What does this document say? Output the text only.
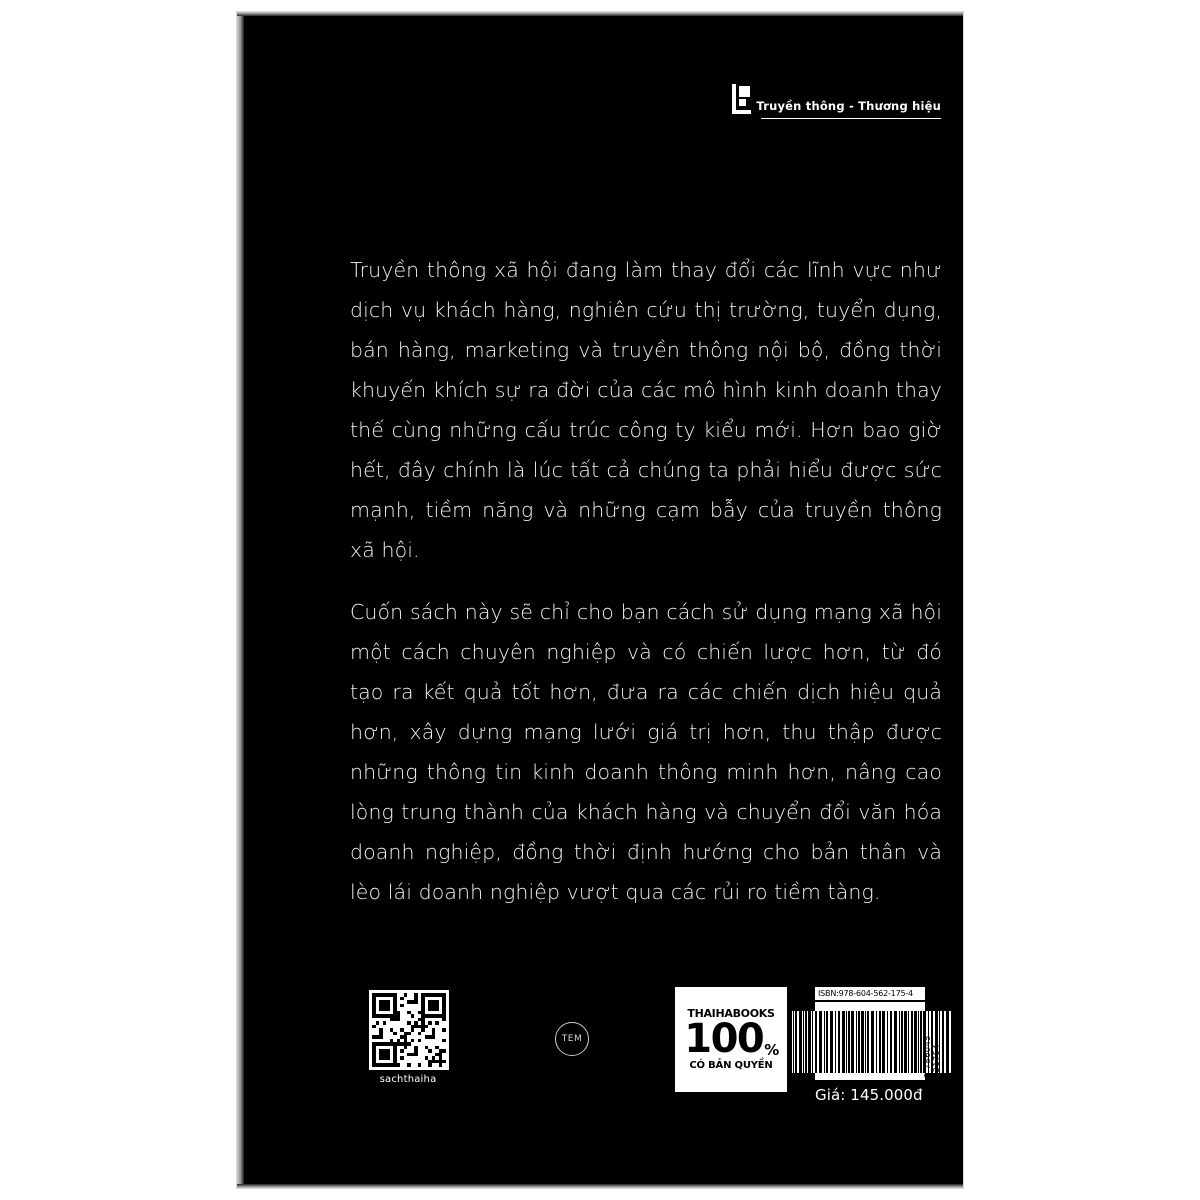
Truyền thông - Thương hiệu

Truyền thông xã hội đang làm thay đổi các lĩnh vực như dịch vụ khách hàng, nghiên cứu thị trường, tuyển dụng, bán hàng, marketing và truyền thông nội bộ, đồng thời khuyến khích sự ra đời của các mô hình kinh doanh thay thế cùng những cấu trúc công ty kiểu mới. Hơn bao giờ hết, đây chính là lúc tất cả chúng ta phải hiểu được sức mạnh, tiềm năng và những cạm bẫy của truyền thông xã hội.

Cuốn sách này sẽ chỉ cho bạn cách sử dụng mạng xã hội một cách chuyên nghiệp và có chiến lược hơn, từ đó tạo ra kết quả tốt hơn, đưa ra các chiến dịch hiệu quả hơn, xây dựng mạng lưới giá trị hơn, thu thập được những thông tin kinh doanh thông minh hơn, nâng cao lòng trung thành của khách hàng và chuyển đổi văn hóa doanh nghiệp, đồng thời định hướng cho bản thân và lèo lái doanh nghiệp vượt qua các rủi ro tiềm tàng.

sachthaiha
TEM
THAIHABOOKS
$100_{\%}$
CÓ BẢN QUYỀN
ISBN:978-604-562-175-4
9 786045 621754
Giá: 145.000đ
